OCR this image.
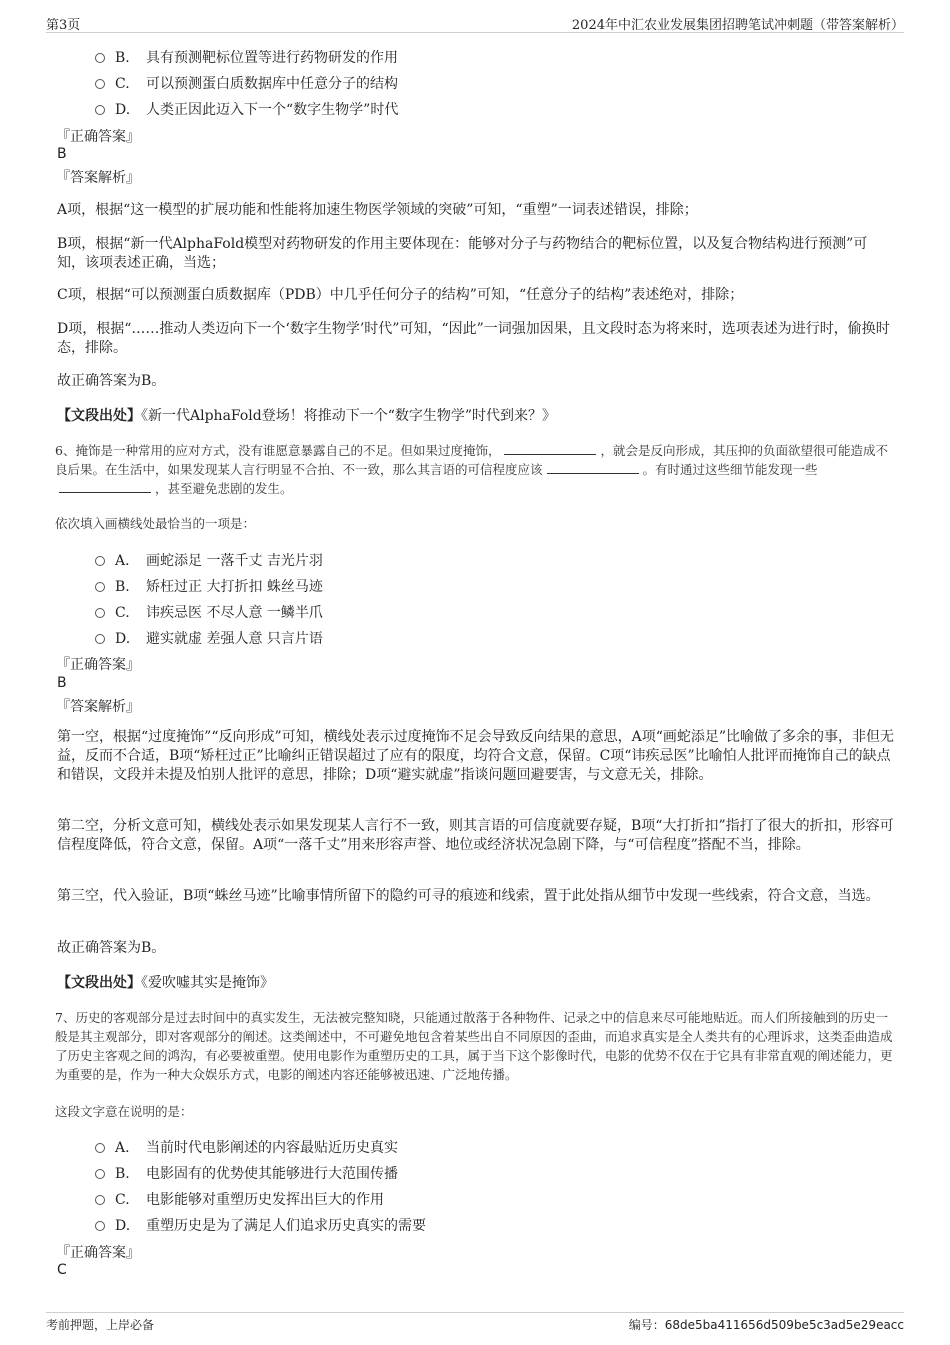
第3页	2024年中汇农业发展集团招聘笔试冲刺题（带答案解析）
B. 具有预测靶标位置等进行药物研发的作用
C. 可以预测蛋白质数据库中任意分子的结构
D. 人类正因此迈入下一个“数字生物学”时代
『正确答案』
B
『答案解析』
A项，根据“这一模型的扩展功能和性能将加速生物医学领域的突破”可知，“重塑”一词表述错误，排除；
B项，根据“新一代AlphaFold模型对药物研发的作用主要体现在：能够对分子与药物结合的靶标位置，以及复合物结构进行预测”可知，该项表述正确，当选；
C项，根据“可以预测蛋白质数据库（PDB）中几乎任何分子的结构”可知，“任意分子的结构”表述绝对，排除；
D项，根据“……推动人类迈向下一个‘数字生物学’时代”可知，“因此”一词强加因果，且文段时态为将来时，选项表述为进行时，偷换时态，排除。
故正确答案为B。
【文段出处】《新一代AlphaFold登场！将推动下一个“数字生物学”时代到来？》
6、掩饰是一种常用的应对方式，没有谁愿意暴露自己的不足。但如果过度掩饰，	，就会是反向形成，其压抑的负面欲望很可能造成不良后果。在生活中，如果发现某人言行明显不合拍、不一致，那么其言语的可信程度应该	。有时通过这些细节能发现一些，甚至避免悲剧的发生。
依次填入画横线处最恰当的一项是：
A. 画蛇添足 一落千丈 吉光片羽
B. 矫枉过正 大打折扣 蛛丝马迹
C. 讳疾忌医 不尽人意 一鳞半爪
D. 避实就虚 差强人意 只言片语
『正确答案』
B
『答案解析』
第一空，根据“过度掩饰”“反向形成”可知，横线处表示过度掩饰不足会导致反向结果的意思，A项“画蛇添足”比喻做了多余的事，非但无益，反而不合适，B项“矫枉过正”比喻纠正错误超过了应有的限度，均符合文意，保留。C项“讳疾忌医”比喻怕人批评而掩饰自己的缺点和错误，文段并未提及怕别人批评的意思，排除；D项“避实就虚”指谈问题回避要害，与文意无关，排除。
第二空，分析文意可知，横线处表示如果发现某人言行不一致，则其言语的可信度就要存疑，B项“大打折扣”指打了很大的折扣，形容可信程度降低，符合文意，保留。A项“一落千丈”用来形容声誉、地位或经济状况急剧下降，与“可信程度”搭配不当，排除。
第三空，代入验证，B项“蛛丝马迹”比喻事情所留下的隐约可寻的痕迹和线索，置于此处指从细节中发现一些线索，符合文意，当选。
故正确答案为B。
【文段出处】《爱吹嘘其实是掩饰》
7、历史的客观部分是过去时间中的真实发生，无法被完整知晓，只能通过散落于各种物件、记录之中的信息来尽可能地贴近。而人们所接触到的历史一般是其主观部分，即对客观部分的阐述。这类阐述中，不可避免地包含着某些出自不同原因的歪曲，而追求真实是全人类共有的心理诉求，这类歪曲造成了历史主客观之间的鸿沟，有必要被重塑。使用电影作为重塑历史的工具，属于当下这个影像时代，电影的优势不仅在于它具有非常直观的阐述能力，更为重要的是，作为一种大众娱乐方式，电影的阐述内容还能够被迅速、广泛地传播。
这段文字意在说明的是：
A. 当前时代电影阐述的内容最贴近历史真实
B. 电影固有的优势使其能够进行大范围传播
C. 电影能够对重塑历史发挥出巨大的作用
D. 重塑历史是为了满足人们追求历史真实的需要
『正确答案』
C
考前押题，上岸必备	编号：68de5ba411656d509be5c3ad5e29eacc
